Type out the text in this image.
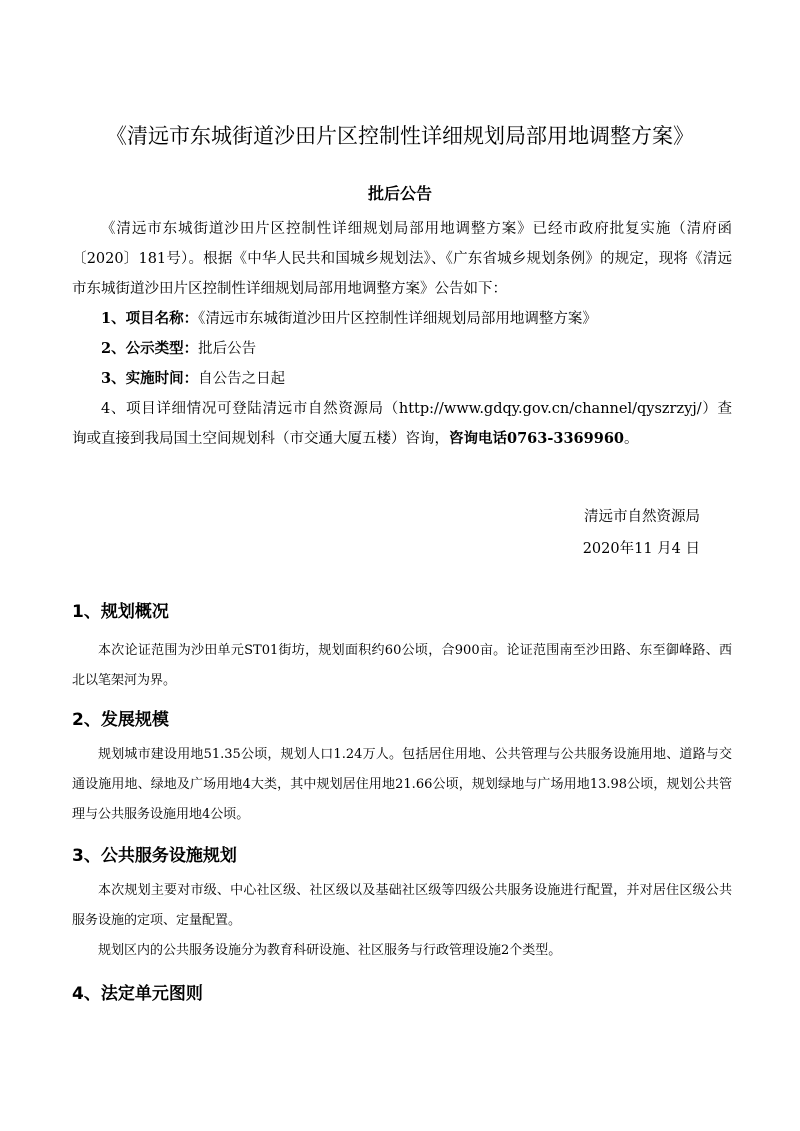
《清远市东城街道沙田片区控制性详细规划局部用地调整方案》
批后公告

《清远市东城街道沙田片区控制性详细规划局部用地调整方案》已经市政府批复实施（清府函〔2020〕181号）。根据《中华人民共和国城乡规划法》、《广东省城乡规划条例》的规定，现将《清远市东城街道沙田片区控制性详细规划局部用地调整方案》公告如下：

1、项目名称：《清远市东城街道沙田片区控制性详细规划局部用地调整方案》

2、公示类型：批后公告

3、实施时间：自公告之日起

4、项目详细情况可登陆清远市自然资源局（http://www.gdqy.gov.cn/channel/qyszrzyj/）查询或直接到我局国土空间规划科（市交通大厦五楼）咨询，咨询电话0763-3369960。

清远市自然资源局
2020年11 月4 日
1、规划概况

本次论证范围为沙田单元ST01街坊，规划面积约60公顷，合900亩。论证范围南至沙田路、东至御峰路、西北以笔架河为界。

2、发展规模

规划城市建设用地51.35公顷，规划人口1.24万人。包括居住用地、公共管理与公共服务设施用地、道路与交通设施用地、绿地及广场用地4大类，其中规划居住用地21.66公顷，规划绿地与广场用地13.98公顷，规划公共管理与公共服务设施用地4公顷。

3、公共服务设施规划

本次规划主要对市级、中心社区级、社区级以及基础社区级等四级公共服务设施进行配置，并对居住区级公共服务设施的定项、定量配置。

规划区内的公共服务设施分为教育科研设施、社区服务与行政管理设施2个类型。

4、法定单元图则
